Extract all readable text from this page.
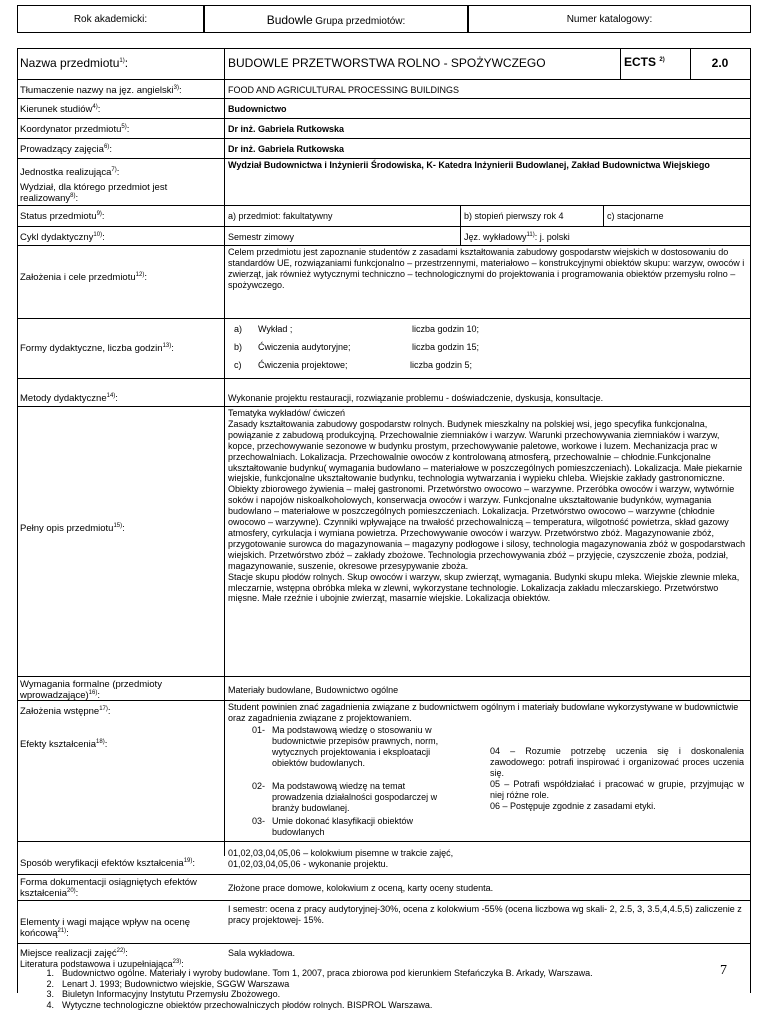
Rok akademicki:	Budowle Grupa przedmiotów:	Numer katalogowy:
Nazwa przedmiotu$^{1)}$:	BUDOWLE PRZETWORSTWA ROLNO - SPOŻYWCZEGO	ECTS $^{2)}$	2.0
Tłumaczenie nazwy na jęz. angielski$^{3)}$:	FOOD AND AGRICULTURAL PROCESSING BUILDINGS
Kierunek studiów$^{4)}$:	Budownictwo
Koordynator przedmiotu$^{5)}$:	Dr inż. Gabriela Rutkowska
Prowadzący zajęcia$^{6)}$:	Dr inż. Gabriela Rutkowska
Jednostka realizująca$^{7)}$:
Wydział Budownictwa i Inżynierii Środowiska, K- Katedra Inżynierii Budowlanej, Zakład Budownictwa Wiejskiego
Wydział, dla którego przedmiot jest realizowany$^{8)}$:
Status przedmiotu$^{9)}$:	a) przedmiot: fakultatywny	b) stopień pierwszy rok 4	c) stacjonarne
Cykl dydaktyczny$^{10)}$:	Semestr zimowy	Jęz. wykładowy$^{11)}$: j. polski
Założenia i cele przedmiotu$^{12)}$:
Celem przedmiotu jest zapoznanie studentów z zasadami kształtowania zabudowy gospodarstw wiejskich w dostosowaniu do standardów UE, rozwiązaniami funkcjonalno – przestrzennymi, materiałowo – konstrukcyjnymi obiektów skupu: warzyw, owoców i zwierząt, jak również wytycznymi techniczno – technologicznymi do projektowania i programowania obiektów przemysłu rolno – spożywczego.
Formy dydaktyczne, liczba godzin$^{13)}$:
a) Wykład ;	liczba godzin 10;
b) Ćwiczenia audytoryjne;	liczba godzin 15;
c) Ćwiczenia projektowe;	liczba godzin 5;
Metody dydaktyczne$^{14)}$:	Wykonanie projektu restauracji, rozwiązanie problemu - doświadczenie, dyskusja, konsultacje.
Pełny opis przedmiotu$^{15)}$:
Tematyka wykładów/ ćwiczeń
Zasady kształtowania zabudowy gospodarstw rolnych. Budynek mieszkalny na polskiej wsi, jego specyfika funkcjonalna, powiązanie z zabudową produkcyjną. Przechowalnie ziemniaków i warzyw. Warunki przechowywania ziemniaków i warzyw, kopce, przechowywanie sezonowe w budynku prostym, przechowywanie paletowe, workowe i luzem. Mechanizacja prac w przechowalniach. Lokalizacja. Przechowalnie owoców z kontrolowaną atmosferą, przechowalnie – chłodnie.Funkcjonalne ukształtowanie budynku( wymagania budowlano – materiałowe w poszczególnych pomieszczeniach). Lokalizacja. Małe piekarnie wiejskie, funkcjonalne ukształtowanie budynku, technologia wytwarzania i wypieku chleba. Wiejskie zakłady gastronomiczne. Obiekty zbiorowego żywienia – małej gastronomi. Przetwórstwo owocowo – warzywne. Przeróbka owoców i warzyw, wytwórnie soków i napojów niskoalkoholowych, konserwacja owoców i warzyw. Funkcjonalne ukształtowanie budynków, wymagania budowlano – materiałowe w poszczególnych pomieszczeniach. Lokalizacja. Przetwórstwo owocowo – warzywne (chłodnie owocowo – warzywne). Czynniki wpływające na trwałość przechowalniczą – temperatura, wilgotność powietrza, skład gazowy atmosfery, cyrkulacja i wymiana powietrza. Przechowywanie owoców i warzyw. Przetwórstwo zbóż. Magazynowanie zbóż, przygotowanie surowca do magazynowania – magazyny podłogowe i silosy, technologia magazynowania zbóż w gospodarstwach wiejskich. Przetwórstwo zbóż – zakłady zbożowe. Technologia przechowywania zbóż – przyjęcie, czyszczenie zboża, podział, magazynowanie, suszenie, okresowe przesypywanie zboża.
Stacje skupu płodów rolnych. Skup owoców i warzyw, skup zwierząt, wymagania. Budynki skupu mleka. Wiejskie zlewnie mleka, mleczarnie, wstępna obróbka mleka w zlewni, wykorzystane technologie. Lokalizacja zakładu mleczarskiego. Przetwórstwo mięsne. Małe rzeźnie i ubojnie zwierząt, masarnie wiejskie. Lokalizacja obiektów.
Wymagania formalne (przedmioty wprowadzające)$^{16)}$:	Materiały budowlane, Budownictwo ogólne
Założenia wstępne$^{17)}$:	Student powinien znać zagadnienia związane z budownictwem ogólnym i materiały budowlane wykorzystywane w budownictwie oraz zagadnienia związane z projektowaniem.
Efekty kształcenia$^{18)}$:
01- Ma podstawową wiedzę o stosowaniu w budownictwie przepisów prawnych, norm, wytycznych projektowania i eksploatacji obiektów budowlanych.
02- Ma podstawową wiedzę na temat prowadzenia działalności gospodarczej w branży budowlanej.
03- Umie dokonać klasyfikacji obiektów budowlanych
04 – Rozumie potrzebę uczenia się i doskonalenia zawodowego: potrafi inspirować i organizować proces uczenia się.
05 – Potrafi współdziałać i pracować w grupie, przyjmując w niej różne role.
06 – Postępuje zgodnie z zasadami etyki.
Sposób weryfikacji efektów kształcenia$^{19)}$:
01,02,03,04,05,06 – kolokwium pisemne w trakcie zajęć,
01,02,03,04,05,06 - wykonanie projektu.
Forma dokumentacji osiągniętych efektów kształcenia$^{20)}$:	Złożone prace domowe, kolokwium z oceną, karty oceny studenta.
Elementy i wagi mające wpływ na ocenę końcową$^{21)}$:
I semestr: ocena z pracy audytoryjnej-30%, ocena z kolokwium -55% (ocena liczbowa wg skali- 2, 2.5, 3, 3.5,4,4.5,5) zaliczenie z pracy projektowej- 15%.
Miejsce realizacji zajęć$^{22)}$:	Sala wykładowa.
Literatura podstawowa i uzupełniająca$^{23)}$:
1. Budownictwo ogólne. Materiały i wyroby budowlane. Tom 1, 2007, praca zbiorowa pod kierunkiem Stefańczyka B. Arkady, Warszawa.
2. Lenart J. 1993; Budownictwo wiejskie, SGGW Warszawa
3. Biuletyn Informacyjny Instytutu Przemysłu Zbożowego.
4. Wytyczne technologiczne obiektów przechowalniczych płodów rolnych. BISPROL Warszawa.
7
